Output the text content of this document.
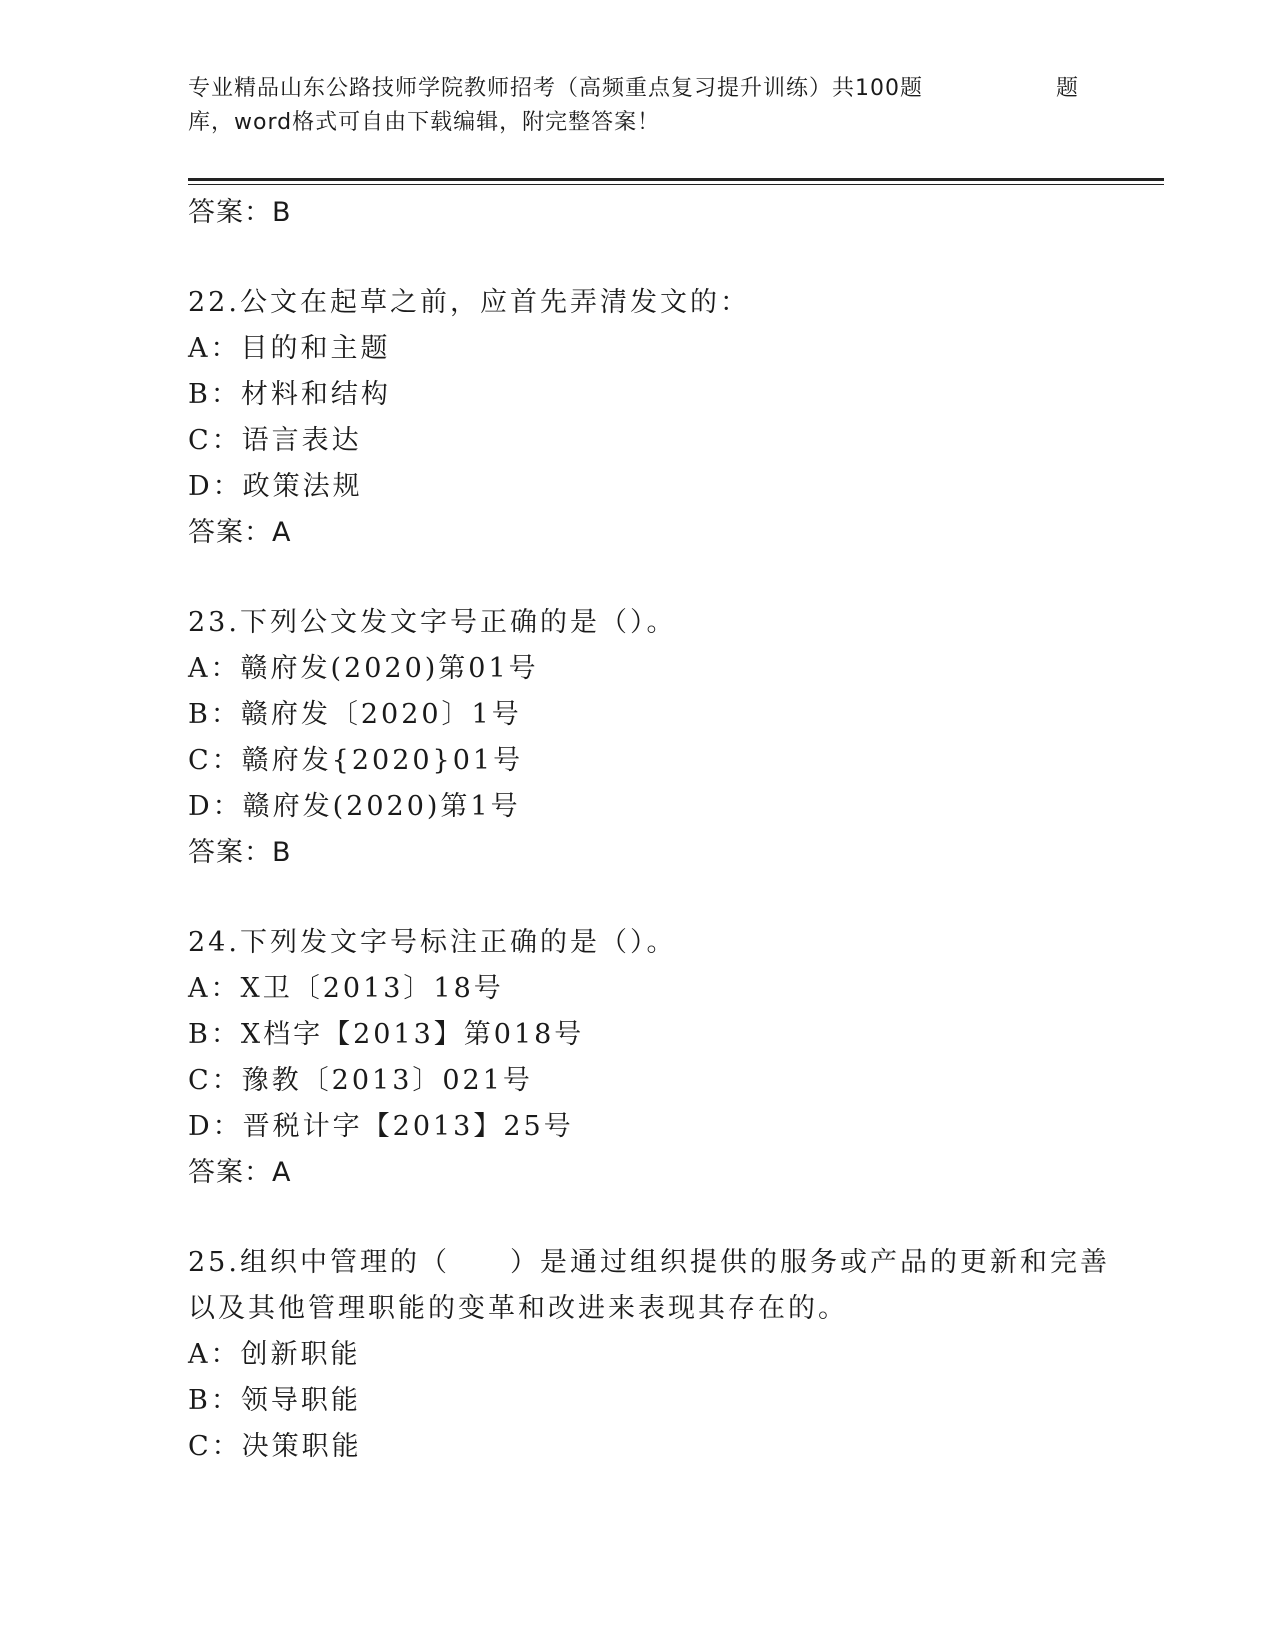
专业精品山东公路技师学院教师招考（高频重点复习提升训练）共100题	题
库，word格式可自由下载编辑，附完整答案！
答案：B
22.公文在起草之前，应首先弄清发文的：
A：目的和主题
B：材料和结构
C：语言表达
D：政策法规
答案：A
23.下列公文发文字号正确的是（）。
A：赣府发(2020)第01号
B：赣府发〔2020〕1号
C：赣府发{2020}01号
D：赣府发(2020)第1号
答案：B
24.下列发文字号标注正确的是（）。
A：X卫〔2013〕18号
B：X档字【2013】第018号
C：豫教〔2013〕021号
D：晋税计字【2013】25号
答案：A
25.组织中管理的（　　）是通过组织提供的服务或产品的更新和完善
以及其他管理职能的变革和改进来表现其存在的。
A：创新职能
B：领导职能
C：决策职能
